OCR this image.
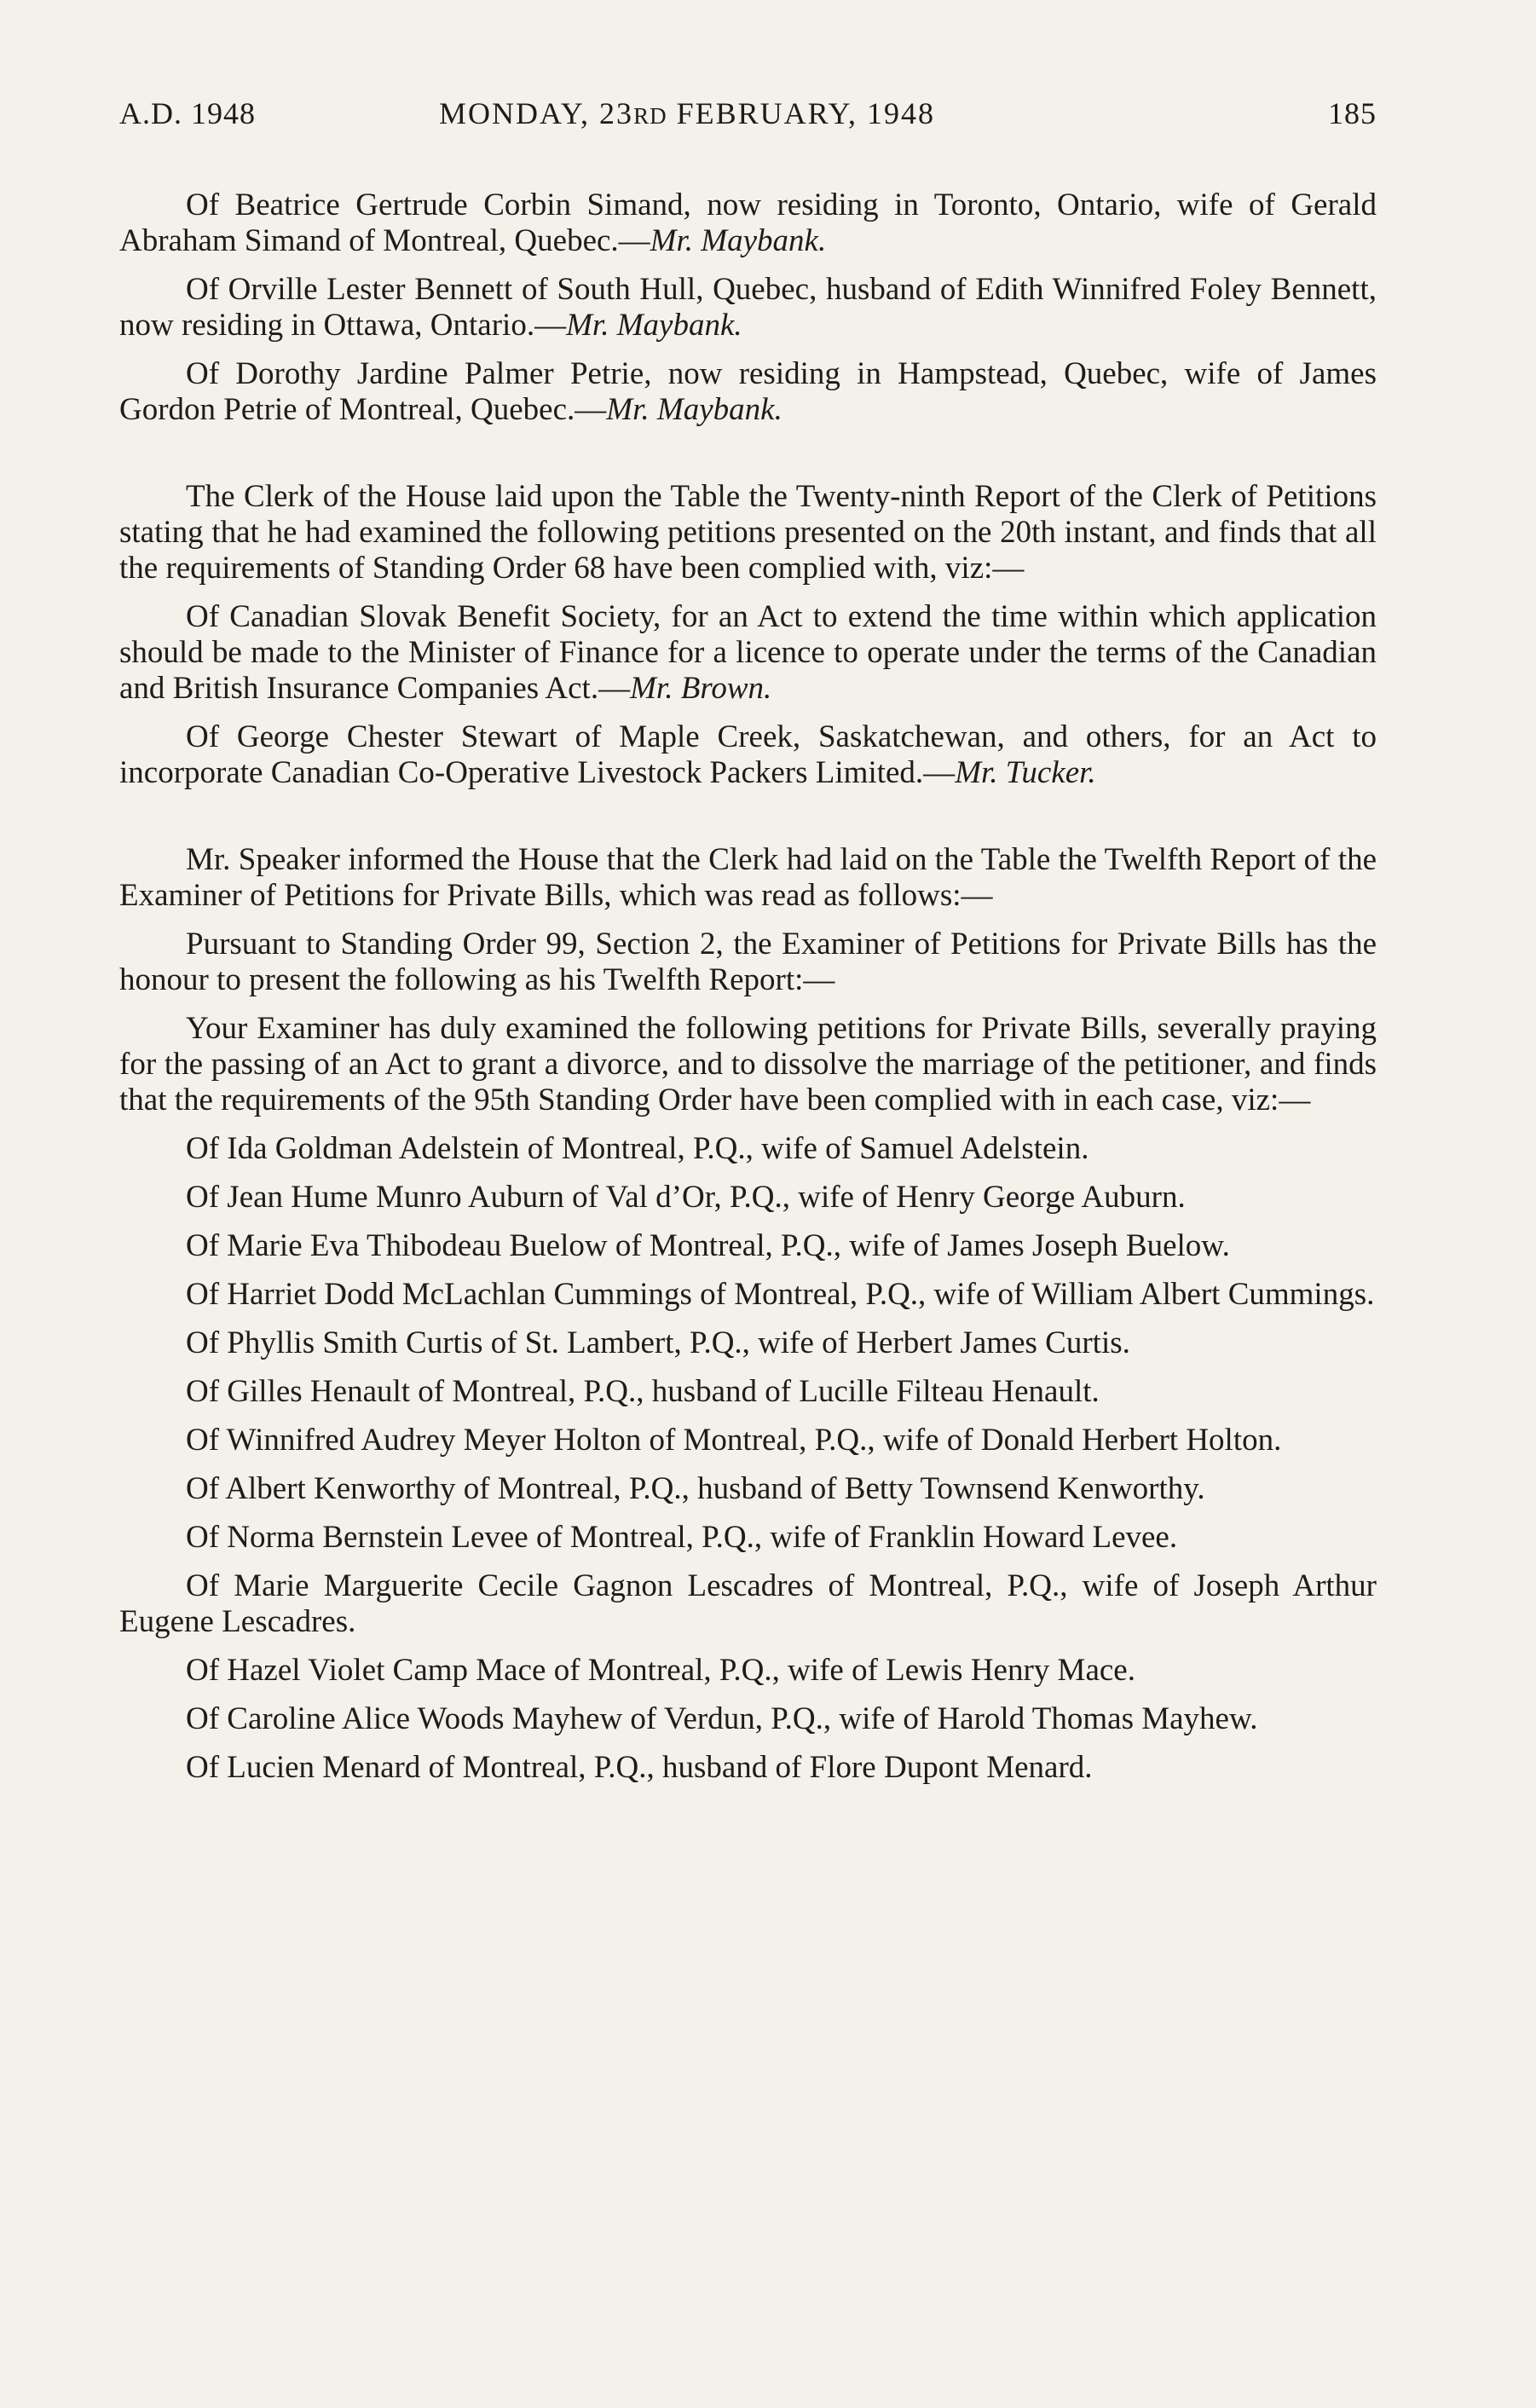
A.D. 1948	MONDAY, 23RD FEBRUARY, 1948	185

Of Beatrice Gertrude Corbin Simand, now residing in Toronto, Ontario, wife of Gerald Abraham Simand of Montreal, Quebec.—Mr. Maybank.

Of Orville Lester Bennett of South Hull, Quebec, husband of Edith Winnifred Foley Bennett, now residing in Ottawa, Ontario.—Mr. Maybank.

Of Dorothy Jardine Palmer Petrie, now residing in Hampstead, Quebec, wife of James Gordon Petrie of Montreal, Quebec.—Mr. Maybank.

The Clerk of the House laid upon the Table the Twenty-ninth Report of the Clerk of Petitions stating that he had examined the following petitions presented on the 20th instant, and finds that all the requirements of Standing Order 68 have been complied with, viz:—

Of Canadian Slovak Benefit Society, for an Act to extend the time within which application should be made to the Minister of Finance for a licence to operate under the terms of the Canadian and British Insurance Companies Act.—Mr. Brown.

Of George Chester Stewart of Maple Creek, Saskatchewan, and others, for an Act to incorporate Canadian Co-Operative Livestock Packers Limited.—Mr. Tucker.

Mr. Speaker informed the House that the Clerk had laid on the Table the Twelfth Report of the Examiner of Petitions for Private Bills, which was read as follows:—

Pursuant to Standing Order 99, Section 2, the Examiner of Petitions for Private Bills has the honour to present the following as his Twelfth Report:—

Your Examiner has duly examined the following petitions for Private Bills, severally praying for the passing of an Act to grant a divorce, and to dissolve the marriage of the petitioner, and finds that the requirements of the 95th Standing Order have been complied with in each case, viz:—

Of Ida Goldman Adelstein of Montreal, P.Q., wife of Samuel Adelstein.

Of Jean Hume Munro Auburn of Val d’Or, P.Q., wife of Henry George Auburn.

Of Marie Eva Thibodeau Buelow of Montreal, P.Q., wife of James Joseph Buelow.

Of Harriet Dodd McLachlan Cummings of Montreal, P.Q., wife of William Albert Cummings.

Of Phyllis Smith Curtis of St. Lambert, P.Q., wife of Herbert James Curtis.

Of Gilles Henault of Montreal, P.Q., husband of Lucille Filteau Henault.

Of Winnifred Audrey Meyer Holton of Montreal, P.Q., wife of Donald Herbert Holton.

Of Albert Kenworthy of Montreal, P.Q., husband of Betty Townsend Kenworthy.

Of Norma Bernstein Levee of Montreal, P.Q., wife of Franklin Howard Levee.

Of Marie Marguerite Cecile Gagnon Lescadres of Montreal, P.Q., wife of Joseph Arthur Eugene Lescadres.

Of Hazel Violet Camp Mace of Montreal, P.Q., wife of Lewis Henry Mace.

Of Caroline Alice Woods Mayhew of Verdun, P.Q., wife of Harold Thomas Mayhew.

Of Lucien Menard of Montreal, P.Q., husband of Flore Dupont Menard.
